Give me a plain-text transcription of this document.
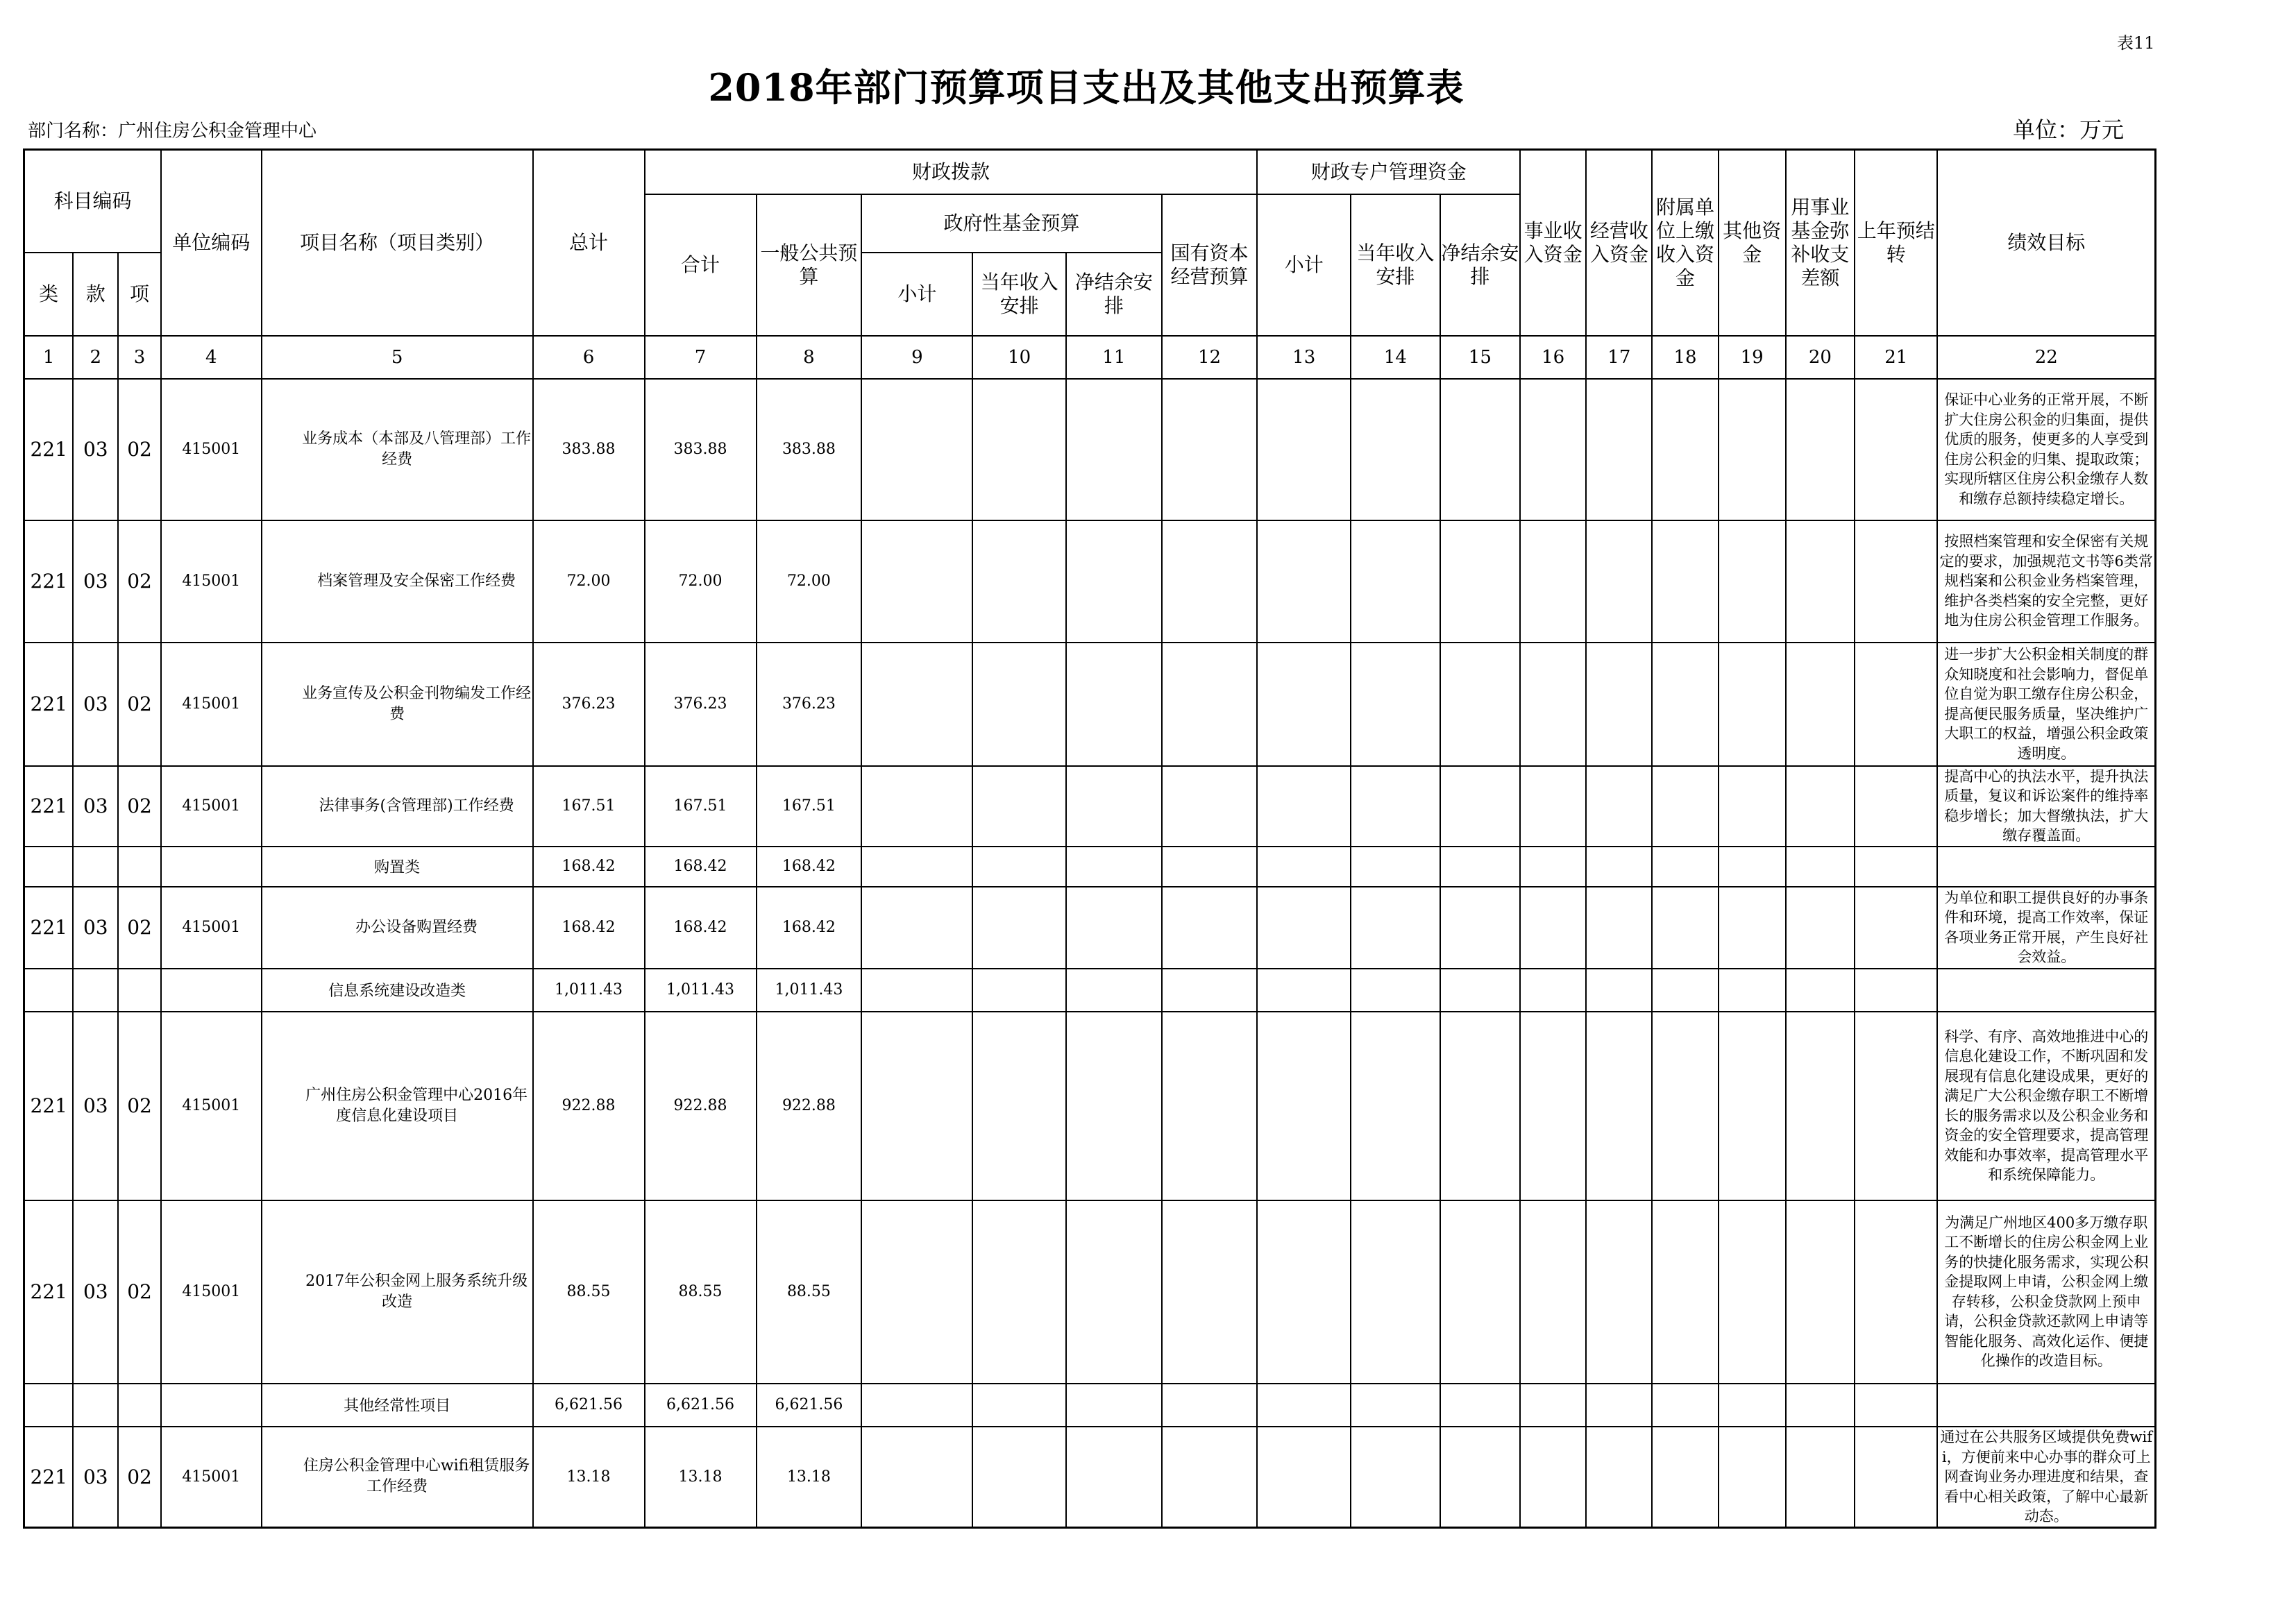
表11
2018年部门预算项目支出及其他支出预算表
部门名称：广州住房公积金管理中心	单位：万元
科目编码			单位编码	项目名称（项目类别）	总计	财政拨款						财政专户管理资金			事业收入资金	经营收入资金	附属单位上缴收入资金	其他资金	用事业基金弥补收支差额	上年预结转	绩效目标
						合计	一般公共预算	政府性基金预算			国有资本经营预算	小计	当年收入安排	净结余安排							
类	款	项						小计	当年收入安排	净结余安排											
1	2	3	4	5	6	7	8	9	10	11	12	13	14	15	16	17	18	19	20	21	22
221	03	02	415001	业务成本（本部及八管理部）工作经费	383.88	383.88	383.88														保证中心业务的正常开展，不断扩大住房公积金的归集面，提供优质的服务，使更多的人享受到住房公积金的归集、提取政策；实现所辖区住房公积金缴存人数和缴存总额持续稳定增长。
221	03	02	415001	档案管理及安全保密工作经费	72.00	72.00	72.00														按照档案管理和安全保密有关规定的要求，加强规范文书等6类常规档案和公积金业务档案管理，维护各类档案的安全完整，更好地为住房公积金管理工作服务。
221	03	02	415001	业务宣传及公积金刊物编发工作经费	376.23	376.23	376.23														进一步扩大公积金相关制度的群众知晓度和社会影响力，督促单位自觉为职工缴存住房公积金，提高便民服务质量，坚决维护广大职工的权益，增强公积金政策透明度。
221	03	02	415001	法律事务(含管理部)工作经费	167.51	167.51	167.51														提高中心的执法水平，提升执法质量，复议和诉讼案件的维持率稳步增长；加大督缴执法，扩大缴存覆盖面。
				购置类	168.42	168.42	168.42														
221	03	02	415001	办公设备购置经费	168.42	168.42	168.42														为单位和职工提供良好的办事条件和环境，提高工作效率，保证各项业务正常开展，产生良好社会效益。
				信息系统建设改造类	1,011.43	1,011.43	1,011.43														
221	03	02	415001	广州住房公积金管理中心2016年度信息化建设项目	922.88	922.88	922.88														科学、有序、高效地推进中心的信息化建设工作，不断巩固和发展现有信息化建设成果，更好的满足广大公积金缴存职工不断增长的服务需求以及公积金业务和资金的安全管理要求，提高管理效能和办事效率，提高管理水平和系统保障能力。
221	03	02	415001	2017年公积金网上服务系统升级改造	88.55	88.55	88.55														为满足广州地区400多万缴存职工不断增长的住房公积金网上业务的快捷化服务需求，实现公积金提取网上申请，公积金网上缴存转移，公积金贷款网上预申请，公积金贷款还款网上申请等智能化服务、高效化运作、便捷化操作的改造目标。
				其他经常性项目	6,621.56	6,621.56	6,621.56														
221	03	02	415001	住房公积金管理中心wifi租赁服务工作经费	13.18	13.18	13.18														通过在公共服务区域提供免费wifi，方便前来中心办事的群众可上网查询业务办理进度和结果，查看中心相关政策，了解中心最新动态。
